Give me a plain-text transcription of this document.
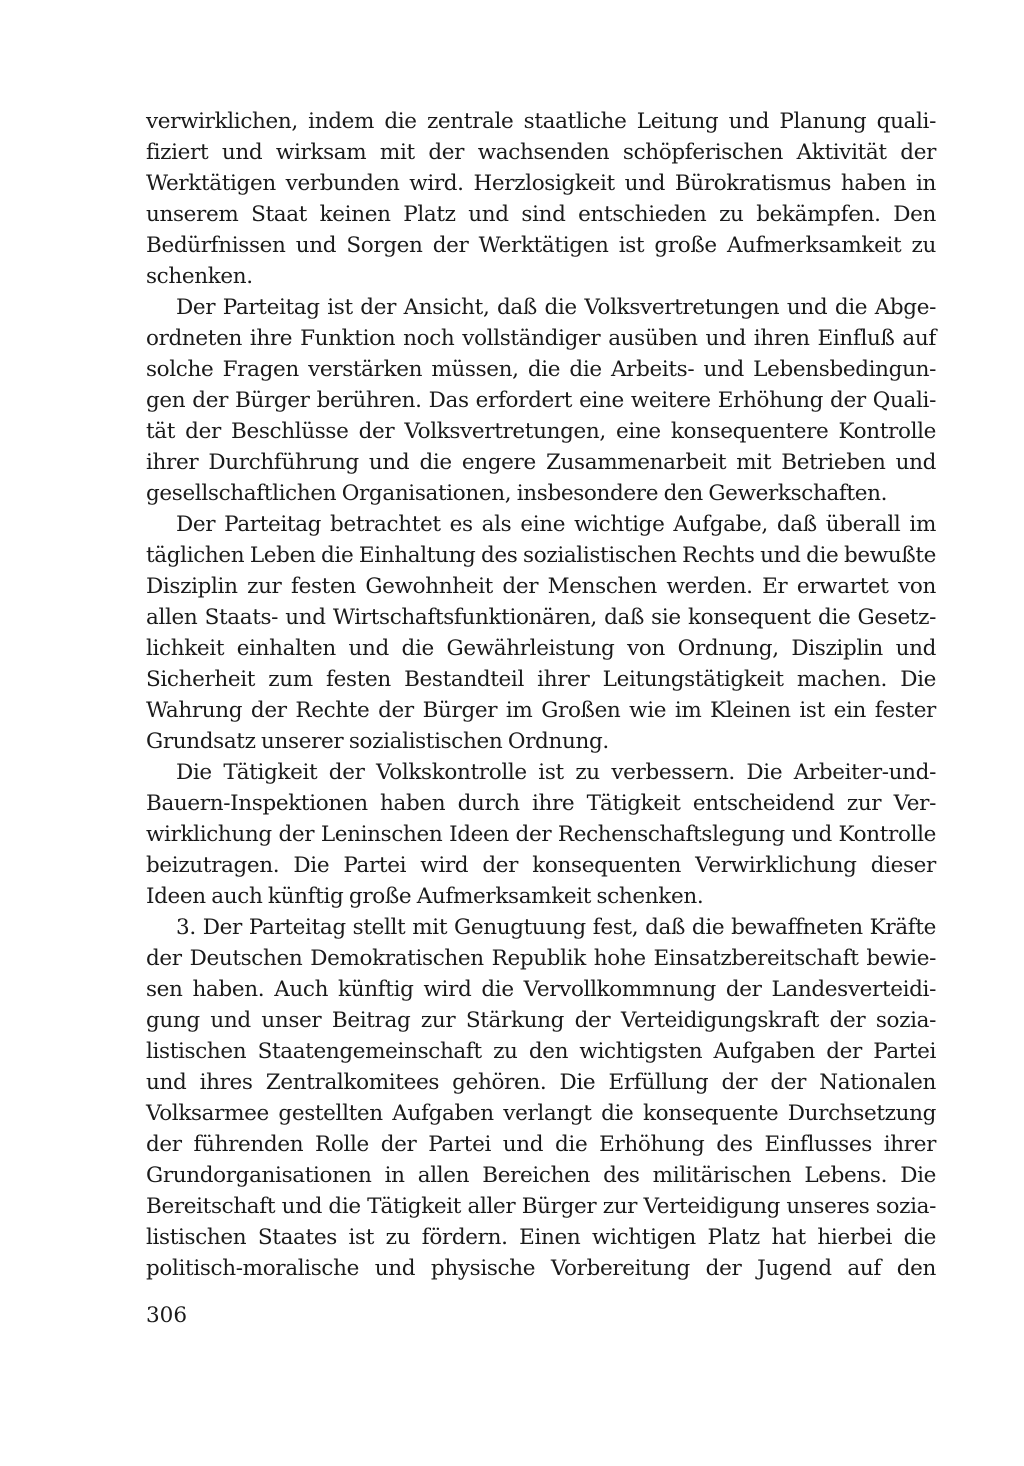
verwirklichen, indem die zentrale staatliche Leitung und Planung quali-
fiziert und wirksam mit der wachsenden schöpferischen Aktivität der
Werktätigen verbunden wird. Herzlosigkeit und Bürokratismus haben in
unserem Staat keinen Platz und sind entschieden zu bekämpfen. Den
Bedürfnissen und Sorgen der Werktätigen ist große Aufmerksamkeit zu
schenken.
Der Parteitag ist der Ansicht, daß die Volksvertretungen und die Abge-
ordneten ihre Funktion noch vollständiger ausüben und ihren Einfluß auf
solche Fragen verstärken müssen, die die Arbeits- und Lebensbedingun-
gen der Bürger berühren. Das erfordert eine weitere Erhöhung der Quali-
tät der Beschlüsse der Volksvertretungen, eine konsequentere Kontrolle
ihrer Durchführung und die engere Zusammenarbeit mit Betrieben und
gesellschaftlichen Organisationen, insbesondere den Gewerkschaften.
Der Parteitag betrachtet es als eine wichtige Aufgabe, daß überall im
täglichen Leben die Einhaltung des sozialistischen Rechts und die bewußte
Disziplin zur festen Gewohnheit der Menschen werden. Er erwartet von
allen Staats- und Wirtschaftsfunktionären, daß sie konsequent die Gesetz-
lichkeit einhalten und die Gewährleistung von Ordnung, Disziplin und
Sicherheit zum festen Bestandteil ihrer Leitungstätigkeit machen. Die
Wahrung der Rechte der Bürger im Großen wie im Kleinen ist ein fester
Grundsatz unserer sozialistischen Ordnung.
Die Tätigkeit der Volkskontrolle ist zu verbessern. Die Arbeiter-und-
Bauern-Inspektionen haben durch ihre Tätigkeit entscheidend zur Ver-
wirklichung der Leninschen Ideen der Rechenschaftslegung und Kontrolle
beizutragen. Die Partei wird der konsequenten Verwirklichung dieser
Ideen auch künftig große Aufmerksamkeit schenken.
3. Der Parteitag stellt mit Genugtuung fest, daß die bewaffneten Kräfte
der Deutschen Demokratischen Republik hohe Einsatzbereitschaft bewie-
sen haben. Auch künftig wird die Vervollkommnung der Landesverteidi-
gung und unser Beitrag zur Stärkung der Verteidigungskraft der sozia-
listischen Staatengemeinschaft zu den wichtigsten Aufgaben der Partei
und ihres Zentralkomitees gehören. Die Erfüllung der der Nationalen
Volksarmee gestellten Aufgaben verlangt die konsequente Durchsetzung
der führenden Rolle der Partei und die Erhöhung des Einflusses ihrer
Grundorganisationen in allen Bereichen des militärischen Lebens. Die
Bereitschaft und die Tätigkeit aller Bürger zur Verteidigung unseres sozia-
listischen Staates ist zu fördern. Einen wichtigen Platz hat hierbei die
politisch-moralische und physische Vorbereitung der Jugend auf den
306
